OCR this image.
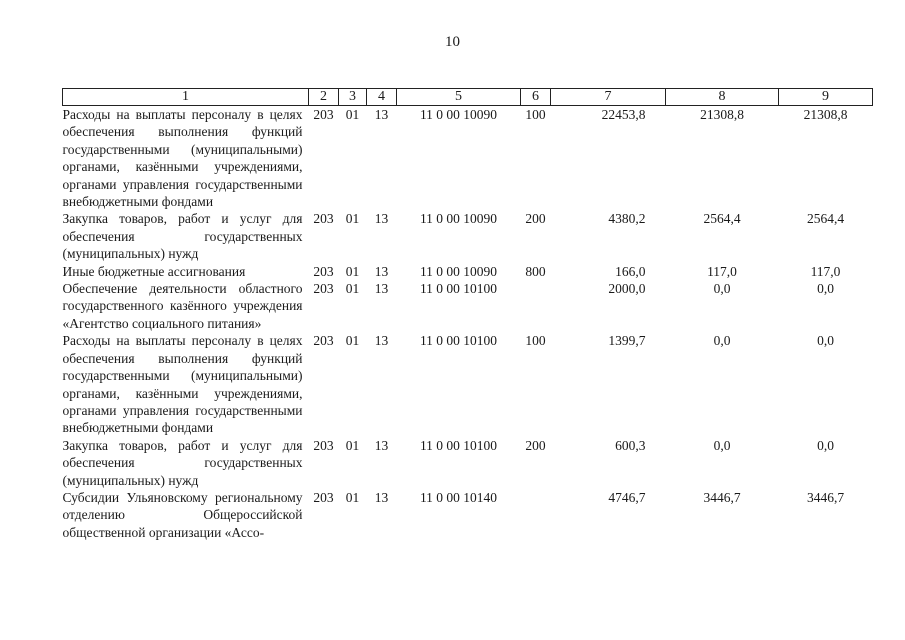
10
1	2	3	4	5	6	7	8	9
Расходы на выплаты персоналу в целях обеспечения выполнения функций государственными (муниципальными) органами, казёнными учреждениями, органами управления государственными внебюджетными фондами	203	01	13	11 0 00 10090	100	22453,8	21308,8	21308,8
Закупка товаров, работ и услуг для обеспечения государственных (муниципальных) нужд	203	01	13	11 0 00 10090	200	4380,2	2564,4	2564,4
Иные бюджетные ассигнования	203	01	13	11 0 00 10090	800	166,0	117,0	117,0
Обеспечение деятельности областного государственного казённого учреждения «Агентство социального питания»	203	01	13	11 0 00 10100		2000,0	0,0	0,0
Расходы на выплаты персоналу в целях обеспечения выполнения функций государственными (муниципальными) органами, казёнными учреждениями, органами управления государственными внебюджетными фондами	203	01	13	11 0 00 10100	100	1399,7	0,0	0,0
Закупка товаров, работ и услуг для обеспечения государственных (муниципальных) нужд	203	01	13	11 0 00 10100	200	600,3	0,0	0,0
Субсидии Ульяновскому региональному отделению Общероссийской общественной организации «Ассо-	203	01	13	11 0 00 10140		4746,7	3446,7	3446,7
